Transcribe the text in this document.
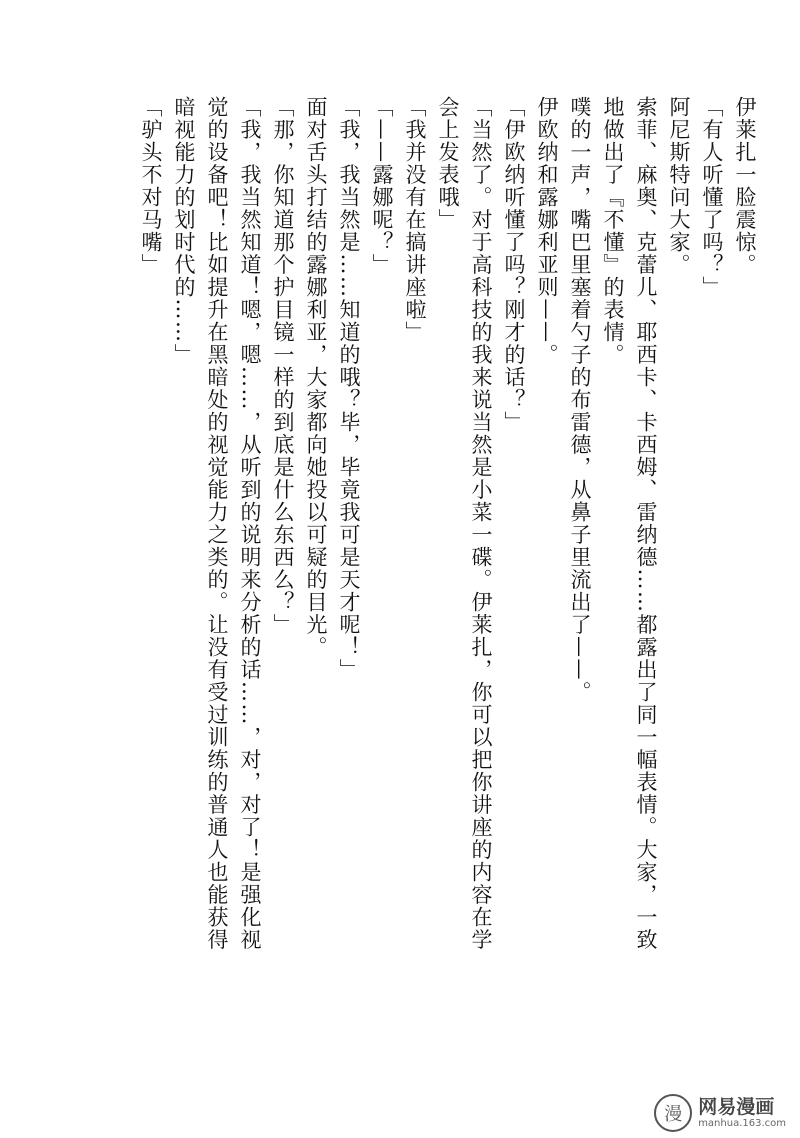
伊莱扎一脸震惊。

「有人听懂了吗？」

阿尼斯特问大家。

索菲、麻奥、克蕾儿、耶西卡、卡西姆、雷纳德……都露出了同一幅表情。大家，一致

地做出了『不懂』的表情。

噗的一声，嘴巴里塞着勺子的布雷德，从鼻子里流出了——。

伊欧纳和露娜利亚则——。

「伊欧纳听懂了吗？刚才的话？」

「当然了。对于高科技的我来说当然是小菜一碟。伊莱扎，你可以把你讲座的内容在学

会上发表哦」

「我并没有在搞讲座啦」

「——露娜呢？」

「我，我当然是……知道的哦？毕，毕竟我可是天才呢！」

面对舌头打结的露娜利亚，大家都向她投以可疑的目光。

「那，你知道那个护目镜一样的到底是什么东西么？」

「我，我当然知道！嗯，嗯……，从听到的说明来分析的话……，对，对了！是强化视

觉的设备吧！比如提升在黑暗处的视觉能力之类的。让没有受过训练的普通人也能获得

暗视能力的划时代的……」

「驴头不对马嘴」

漫 网易漫画
manhua.163.com
